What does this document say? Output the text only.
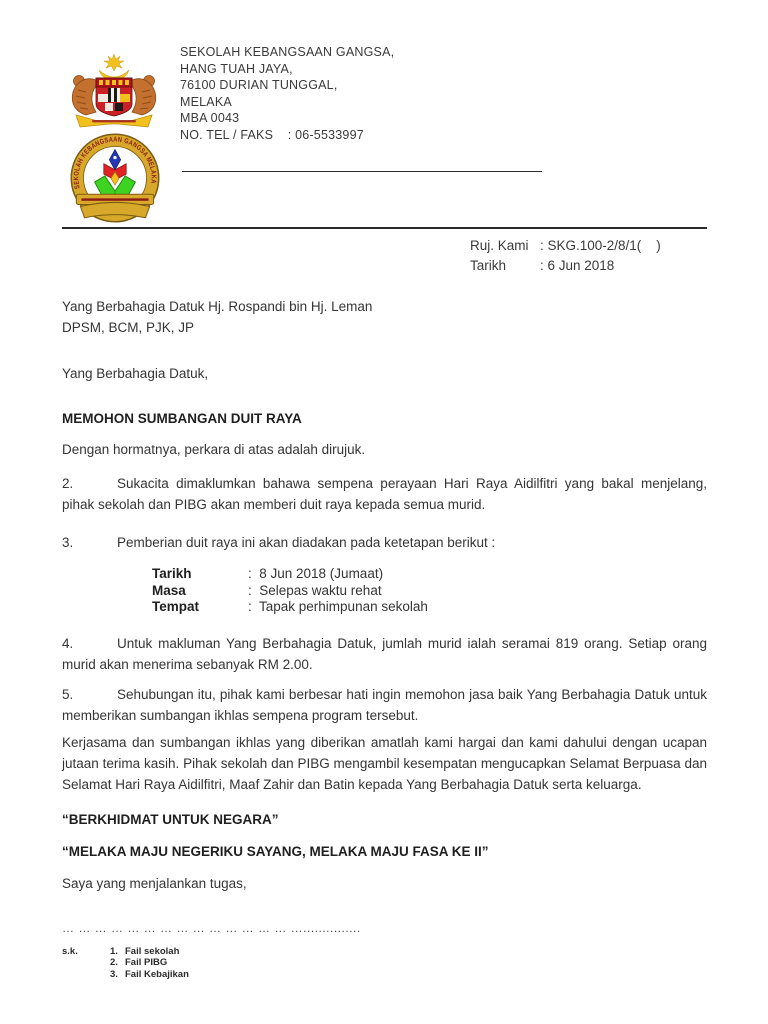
SEKOLAH KEBANGSAAN GANGSA MELAKA
SEKOLAH KEBANGSAAN GANGSA,
HANG TUAH JAYA,
76100 DURIAN TUNGGAL,
MELAKA
MBA 0043
NO. TEL / FAKS    : 06-5533997
Ruj. Kami : SKG.100-2/8/1(    )
Tarikh	: 6 Jun 2018

Yang Berbahagia Datuk Hj. Rospandi bin Hj. Leman

DPSM, BCM, PJK, JP

Yang Berbahagia Datuk,

MEMOHON SUMBANGAN DUIT RAYA

Dengan hormatnya, perkara di atas adalah dirujuk.

2.	Sukacita dimaklumkan bahawa sempena perayaan Hari Raya Aidilfitri yang bakal menjelang, pihak sekolah dan PIBG akan memberi duit raya kepada semua murid.

3.	Pemberian duit raya ini akan diadakan pada ketetapan berikut :

Tarikh	:  8 Jun 2018 (Jumaat)
Masa	:  Selepas waktu rehat
Tempat	:  Tapak perhimpunan sekolah

4.	Untuk makluman Yang Berbahagia Datuk, jumlah murid ialah seramai 819 orang. Setiap orang murid akan menerima sebanyak RM 2.00.

5.	Sehubungan itu, pihak kami berbesar hati ingin memohon jasa baik Yang Berbahagia Datuk untuk memberikan sumbangan ikhlas sempena program tersebut.

Kerjasama dan sumbangan ikhlas yang diberikan amatlah kami hargai dan kami dahului dengan ucapan jutaan terima kasih. Pihak sekolah dan PIBG mengambil kesempatan mengucapkan Selamat Berpuasa dan Selamat Hari Raya Aidilfitri, Maaf Zahir dan Batin kepada Yang Berbahagia Datuk serta keluarga.

“BERKHIDMAT UNTUK NEGARA”

“MELAKA MAJU NEGERIKU SAYANG, MELAKA MAJU FASA KE II”

Saya yang menjalankan tugas,

… … … … … … … … … … … … … … …...............

s.k.	1. Fail sekolah
2. Fail PIBG
3. Fail Kebajikan
